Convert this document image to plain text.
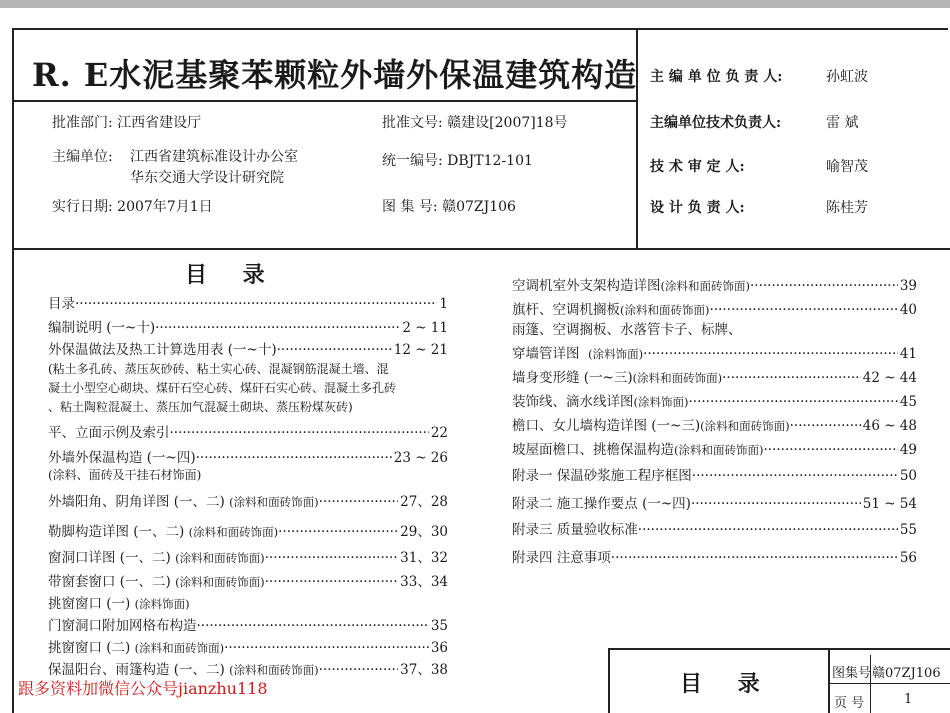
R. E水泥基聚苯颗粒外墙外保温建筑构造
批准部门: 江西省建设厅	批准文号: 赣建设[2007]18号
主编单位: 江西省建筑标准设计办公室
华东交通大学设计研究院
统一编号: DBJT12-101
实行日期: 2007年7月1日	图 集 号: 赣07ZJ106
主 编 单 位 负 责 人:	孙虹波
主编单位技术负责人:	雷 斌
技 术 审 定 人:	喻智茂
设 计 负 责 人:	陈桂芳
目 录
目录 ·····	1
编制说明 (一~十) ·····	2 ~ 11
外保温做法及热工计算选用表 (一~十) ·····	12 ~ 21
(粘土多孔砖、蒸压灰砂砖、粘土实心砖、混凝钢筋混凝土墙、混
凝土小型空心砌块、煤矸石空心砖、煤矸石实心砖、混凝土多孔砖
、粘土陶粒混凝土、蒸压加气混凝土砌块、蒸压粉煤灰砖)
平、立面示例及索引 ·····	22
外墙外保温构造 (一~四) ·····	23 ~ 26
(涂料、面砖及干挂石材饰面)
外墙阳角、阴角详图 (一、二)
(涂料和面砖饰面) ·····	27、28
勒脚构造详图 (一、二)
(涂料和面砖饰面) ·····	29、30
窗洞口详图 (一、二)
(涂料和面砖饰面) ·····	31、32
带窗套窗口 (一、二)
(涂料和面砖饰面) ·····	33、34
挑窗窗口 (一) (涂料饰面)
门窗洞口附加网格布构造 ·····	35
挑窗窗口 (二)
(涂料和面砖饰面) ·····	36
保温阳台、雨篷构造 (一、二)
(涂料和面砖饰面) ·····	37、38
空调机室外支架构造详图 (涂料和面砖饰面) ·····	39
旗杆、空调机搁板 (涂料和面砖饰面) ·····	40
雨篷、空调搁板、水落管卡子、标牌、
穿墙管详图
(涂料饰面) ·····	41
墙身变形缝 (一~三) (涂料和面砖饰面) ·····	42 ~ 44
装饰线、滴水线详图 (涂料饰面) ·····	45
檐口、女儿墙构造详图 (一~三) (涂料和面砖饰面) ·····	46 ~ 48
坡屋面檐口、挑檐保温构造 (涂料和面砖饰面) ·····	49
附录一 保温砂浆施工程序框图 ·····	50
附录二 施工操作要点 (一~四) ·····	51 ~ 54
附录三 质量验收标准 ·····	55
附录四 注意事项 ·····	56
目 录	图集号 赣07ZJ106
页 号	1
跟多资料加微信公众号jianzhu118
